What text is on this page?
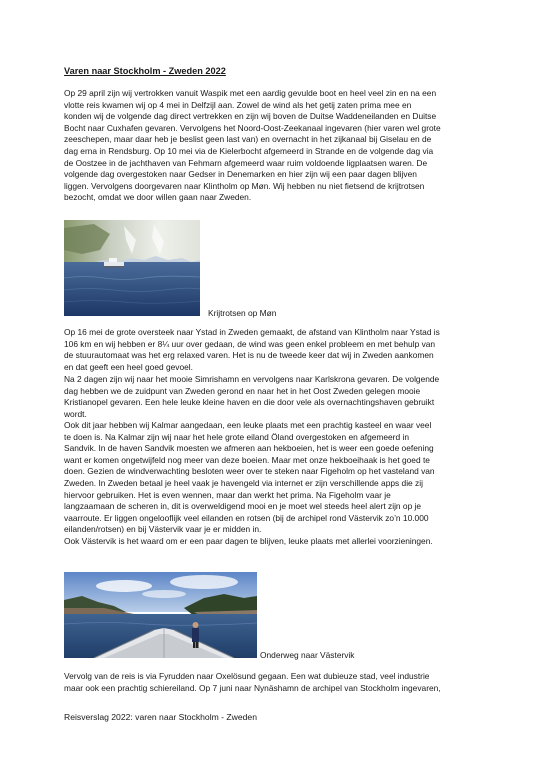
Varen naar Stockholm - Zweden 2022

Op 29 april zijn wij vertrokken vanuit Waspik met een aardig gevulde boot en heel veel zin en na een
vlotte reis kwamen wij op 4 mei in Delfzijl aan. Zowel de wind als het getij zaten prima mee en
konden wij de volgende dag direct vertrekken en zijn wij boven de Duitse Waddeneilanden en Duitse
Bocht naar Cuxhafen gevaren. Vervolgens het Noord-Oost-Zeekanaal ingevaren (hier varen wel grote
zeeschepen, maar daar heb je beslist geen last van) en overnacht in het zijkanaal bij Giselau en de
dag erna in Rendsburg. Op 10 mei via de Kielerbocht afgemeerd in Strande en de volgende dag via
de Oostzee in de jachthaven van Fehmarn afgemeerd waar ruim voldoende ligplaatsen waren. De
volgende dag overgestoken naar Gedser in Denemarken en hier zijn wij een paar dagen blijven
liggen. Vervolgens doorgevaren naar Klintholm op Møn. Wij hebben nu niet fietsend de krijtrotsen
bezocht, omdat we door willen gaan naar Zweden.

Krijtrotsen op Møn

Op 16 mei de grote oversteek naar Ystad in Zweden gemaakt, de afstand van Klintholm naar Ystad is
106 km en wij hebben er 8¼ uur over gedaan, de wind was geen enkel probleem en met behulp van
de stuurautomaat was het erg relaxed varen. Het is nu de tweede keer dat wij in Zweden aankomen
en dat geeft een heel goed gevoel.

Na 2 dagen zijn wij naar het mooie Simrishamn en vervolgens naar Karlskrona gevaren. De volgende
dag hebben we de zuidpunt van Zweden gerond en naar het in het Oost Zweden gelegen mooie
Kristianopel gevaren. Een hele leuke kleine haven en die door vele als overnachtingshaven gebruikt
wordt.

Ook dit jaar hebben wij Kalmar aangedaan, een leuke plaats met een prachtig kasteel en waar veel
te doen is. Na Kalmar zijn wij naar het hele grote eiland Öland overgestoken en afgemeerd in
Sandvik. In de haven Sandvik moesten we afmeren aan hekboeien, het is weer een goede oefening
want er komen ongetwijfeld nog meer van deze boeien. Maar met onze hekboeihaak is het goed te
doen. Gezien de windverwachting besloten weer over te steken naar Figeholm op het vasteland van
Zweden. In Zweden betaal je heel vaak je havengeld via internet er zijn verschillende apps die zij
hiervoor gebruiken. Het is even wennen, maar dan werkt het prima. Na Figeholm vaar je
langzaamaan de scheren in, dit is overweldigend mooi en je moet wel steeds heel alert zijn op je
vaarroute. Er liggen ongelooflijk veel eilanden en rotsen (bij de archipel rond Västervik zo’n 10.000
eilanden/rotsen) en bij Västervik vaar je er midden in.

Ook Västervik is het waard om er een paar dagen te blijven, leuke plaats met allerlei voorzieningen.

Onderweg naar Västervik

Vervolg van de reis is via Fyrudden naar Oxelösund gegaan. Een wat dubieuze stad, veel industrie
maar ook een prachtig schiereiland. Op 7 juni naar Nynäshamn de archipel van Stockholm ingevaren,

Reisverslag 2022: varen naar Stockholm - Zweden
